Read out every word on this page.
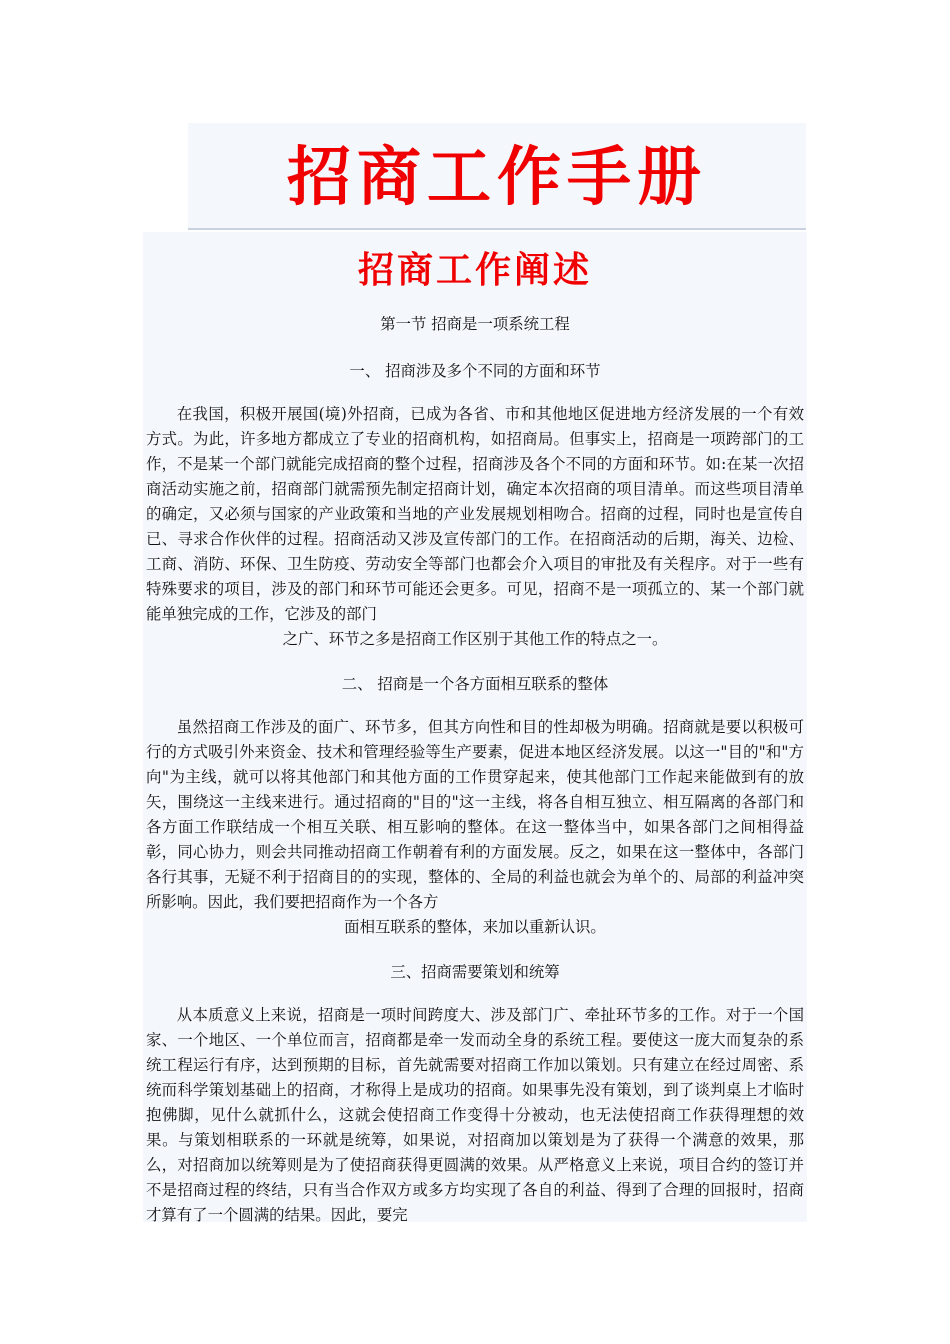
招商工作手册
招商工作阐述

第一节 招商是一项系统工程

一、 招商涉及多个不同的方面和环节

在我国，积极开展国(境)外招商，已成为各省、市和其他地区促进地方经济发展的一个有效方式。为此，许多地方都成立了专业的招商机构，如招商局。但事实上，招商是一项跨部门的工作，不是某一个部门就能完成招商的整个过程，招商涉及各个不同的方面和环节。如:在某一次招商活动实施之前，招商部门就需预先制定招商计划，确定本次招商的项目清单。而这些项目清单的确定，又必须与国家的产业政策和当地的产业发展规划相吻合。招商的过程，同时也是宣传自已、寻求合作伙伴的过程。招商活动又涉及宣传部门的工作。在招商活动的后期，海关、边检、工商、消防、环保、卫生防疫、劳动安全等部门也都会介入项目的审批及有关程序。对于一些有特殊要求的项目，涉及的部门和环节可能还会更多。可见，招商不是一项孤立的、某一个部门就能单独完成的工作，它涉及的部门
之广、环节之多是招商工作区别于其他工作的特点之一。

二、 招商是一个各方面相互联系的整体

虽然招商工作涉及的面广、环节多，但其方向性和目的性却极为明确。招商就是要以积极可行的方式吸引外来资金、技术和管理经验等生产要素，促进本地区经济发展。以这一"目的"和"方向"为主线，就可以将其他部门和其他方面的工作贯穿起来，使其他部门工作起来能做到有的放矢，围绕这一主线来进行。通过招商的"目的"这一主线，将各自相互独立、相互隔离的各部门和各方面工作联结成一个相互关联、相互影响的整体。在这一整体当中，如果各部门之间相得益彰，同心协力，则会共同推动招商工作朝着有利的方面发展。反之，如果在这一整体中，各部门各行其事，无疑不利于招商目的的实现，整体的、全局的利益也就会为单个的、局部的利益冲突所影响。因此，我们要把招商作为一个各方
面相互联系的整体，来加以重新认识。

三、招商需要策划和统筹

从本质意义上来说，招商是一项时间跨度大、涉及部门广、牵扯环节多的工作。对于一个国家、一个地区、一个单位而言，招商都是牵一发而动全身的系统工程。要使这一庞大而复杂的系统工程运行有序，达到预期的目标，首先就需要对招商工作加以策划。只有建立在经过周密、系统而科学策划基础上的招商，才称得上是成功的招商。如果事先没有策划，到了谈判桌上才临时抱佛脚，见什么就抓什么，这就会使招商工作变得十分被动，也无法使招商工作获得理想的效果。与策划相联系的一环就是统筹，如果说，对招商加以策划是为了获得一个满意的效果，那么，对招商加以统筹则是为了使招商获得更圆满的效果。从严格意义上来说，项目合约的签订并不是招商过程的终结，只有当合作双方或多方均实现了各自的利益、得到了合理的回报时，招商才算有了一个圆满的结果。因此，要完
